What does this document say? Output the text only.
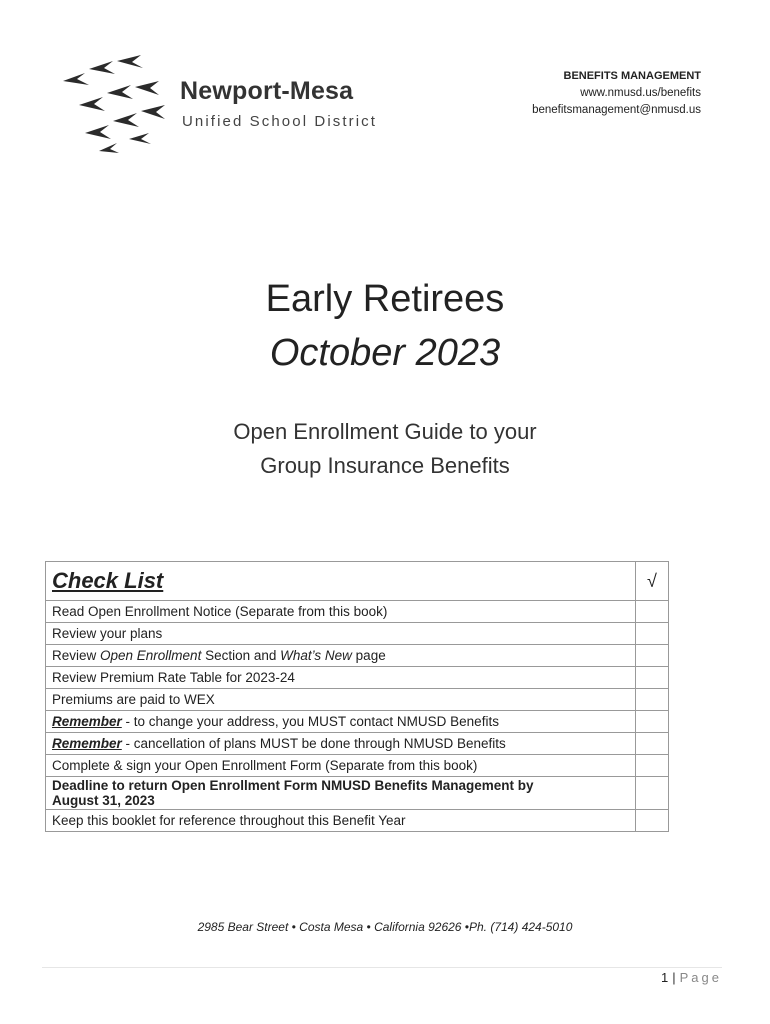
Newport-Mesa
Unified School District
BENEFITS MANAGEMENT
www.nmusd.us/benefits
benefitsmanagement@nmusd.us
Early Retirees
October 2023
Open Enrollment Guide to your
Group Insurance Benefits
Check List	√
Read Open Enrollment Notice (Separate from this book)	
Review your plans	
Review Open Enrollment Section and What’s New page	
Review Premium Rate Table for 2023-24	
Premiums are paid to WEX	
Remember - to change your address, you MUST contact NMUSD Benefits	
Remember - cancellation of plans MUST be done through NMUSD Benefits	
Complete & sign your Open Enrollment Form (Separate from this book)	

Deadline to return Open Enrollment Form NMUSD Benefits Management by
August 31, 2023	

Keep this booklet for reference throughout this Benefit Year	
2985 Bear Street • Costa Mesa • California 92626 •Ph. (714) 424-5010
1 | Page
